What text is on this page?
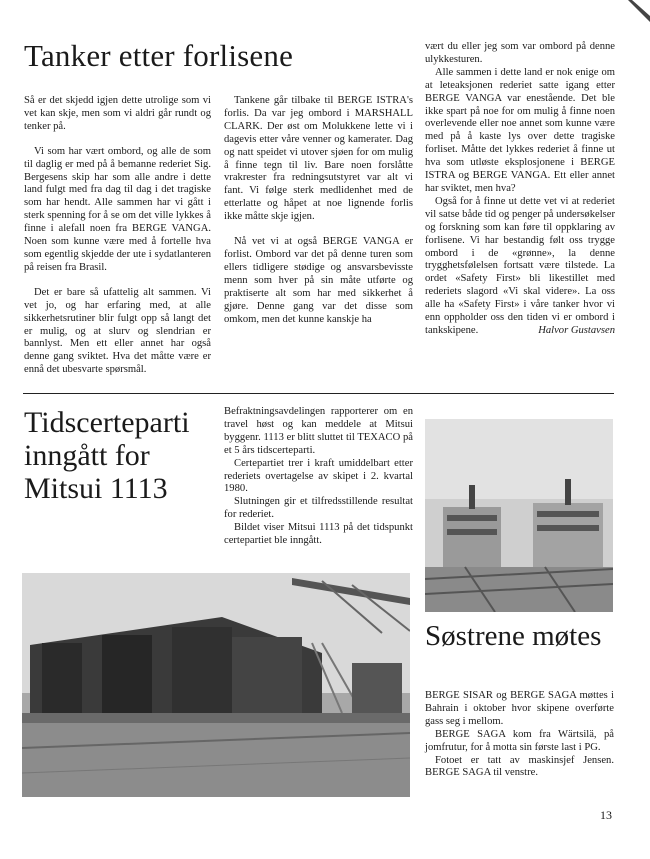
Tanker etter forlisene

Så er det skjedd igjen dette utrolige som vi vet kan skje, men som vi aldri går rundt og tenker på.

Vi som har vært ombord, og alle de som til daglig er med på å bemanne rederiet Sig. Bergesens skip har som alle andre i dette land fulgt med fra dag til dag i det tragiske som har hendt. Alle sammen har vi gått i sterk spenning for å se om det ville lykkes å finne i alefall noen fra BERGE VANGA. Noen som kunne være med å fortelle hva som egentlig skjedde der ute i sydatlanteren på reisen fra Brasil.

Det er bare så ufattelig alt sammen. Vi vet jo, og har erfaring med, at alle sikkerhetsrutiner blir fulgt opp så langt det er mulig, og at slurv og slendrian er bannlyst. Men ett eller annet har også denne gang sviktet. Hva det måtte være er ennå det ubesvarte spørsmål.

Tankene går tilbake til BERGE ISTRA's forlis. Da var jeg ombord i MARSHALL CLARK. Der øst om Molukkene lette vi i dagevis etter våre venner og kamerater. Dag og natt speidet vi utover sjøen for om mulig å finne tegn til liv. Bare noen forslåtte vrakrester fra redningsutstyret var alt vi fant. Vi følge sterk medlidenhet med de etterlatte og håpet at noe lignende forlis ikke måtte skje igjen.

Nå vet vi at også BERGE VANGA er forlist. Ombord var det på denne turen som ellers tidligere stødige og ansvarsbevisste menn som hver på sin måte utførte og praktiserte alt som har med sikkerhet å gjøre. Denne gang var det disse som omkom, men det kunne kanskje ha

vært du eller jeg som var ombord på denne ulykkesturen.

Alle sammen i dette land er nok enige om at leteaksjonen rederiet satte igang etter BERGE VANGA var enestående. Det ble ikke spart på noe for om mulig å finne noen overlevende eller noe annet som kunne være med på å kaste lys over dette tragiske forliset. Måtte det lykkes rederiet å finne ut hva som utløste eksplosjonene i BERGE ISTRA og BERGE VANGA. Ett eller annet har sviktet, men hva?

Også for å finne ut dette vet vi at rederiet vil satse både tid og penger på undersøkelser og forskning som kan føre til oppklaring av forlisene. Vi har bestandig følt oss trygge ombord i de «grønne», la denne trygghetsfølelsen fortsatt være tilstede. La ordet «Safety First» bli likestillet med rederiets slagord «Vi skal videre». La oss alle ha «Safety First» i våre tanker hvor vi enn oppholder oss den tiden vi er ombord i tankskipene.	Halvor Gustavsen

Tidscerteparti inngått for Mitsui 1113

Befraktningsavdelingen rapporterer om en travel høst og kan meddele at Mitsui byggenr. 1113 er blitt sluttet til TEXACO på et 5 års tidscerteparti.

Certepartiet trer i kraft umiddelbart etter rederiets overtagelse av skipet i 2. kvartal 1980.

Slutningen gir et tilfredsstillende resultat for rederiet.

Bildet viser Mitsui 1113 på det tidspunkt certepartiet ble inngått.

Søstrene møtes

BERGE SISAR og BERGE SAGA møttes i Bahrain i oktober hvor skipene overførte gass seg i mellom.

BERGE SAGA kom fra Wärtsilä, på jomfrutur, for å motta sin første last i PG.

Fotoet er tatt av maskinsjef Jensen. BERGE SAGA til venstre.

13
